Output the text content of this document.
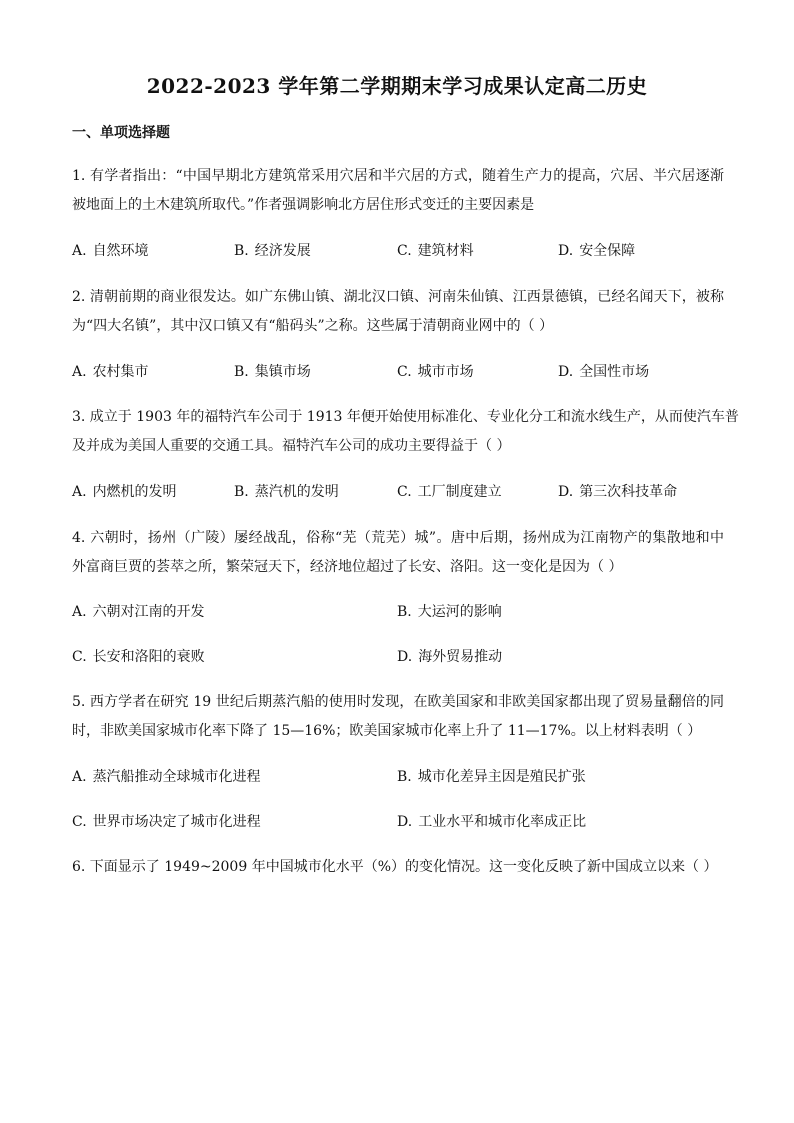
2022-2023 学年第二学期期末学习成果认定高二历史
一、单项选择题
1. 有学者指出：“中国早期北方建筑常采用穴居和半穴居的方式，随着生产力的提高，穴居、半穴居逐渐
被地面上的土木建筑所取代。”作者强调影响北方居住形式变迁的主要因素是
A. 自然环境	B. 经济发展	C. 建筑材料	D. 安全保障
2. 清朝前期的商业很发达。如广东佛山镇、湖北汉口镇、河南朱仙镇、江西景德镇，已经名闻天下，被称
为“四大名镇”，其中汉口镇又有“船码头”之称。这些属于清朝商业网中的（ ）
A. 农村集市	B. 集镇市场	C. 城市市场	D. 全国性市场
3. 成立于 1903 年的福特汽车公司于 1913 年便开始使用标准化、专业化分工和流水线生产，从而使汽车普
及并成为美国人重要的交通工具。福特汽车公司的成功主要得益于（ ）
A. 内燃机的发明	B. 蒸汽机的发明	C. 工厂制度建立	D. 第三次科技革命
4. 六朝时，扬州（广陵）屡经战乱，俗称“芜（荒芜）城”。唐中后期，扬州成为江南物产的集散地和中
外富商巨贾的荟萃之所，繁荣冠天下，经济地位超过了长安、洛阳。这一变化是因为（ ）
A. 六朝对江南的开发	B. 大运河的影响
C. 长安和洛阳的衰败	D. 海外贸易推动
5. 西方学者在研究 19 世纪后期蒸汽船的使用时发现，在欧美国家和非欧美国家都出现了贸易量翻倍的同
时，非欧美国家城市化率下降了 15—16%；欧美国家城市化率上升了 11—17%。以上材料表明（ ）
A. 蒸汽船推动全球城市化进程	B. 城市化差异主因是殖民扩张
C. 世界市场决定了城市化进程	D. 工业水平和城市化率成正比
6. 下面显示了 1949~2009 年中国城市化水平（%）的变化情况。这一变化反映了新中国成立以来（ ）
